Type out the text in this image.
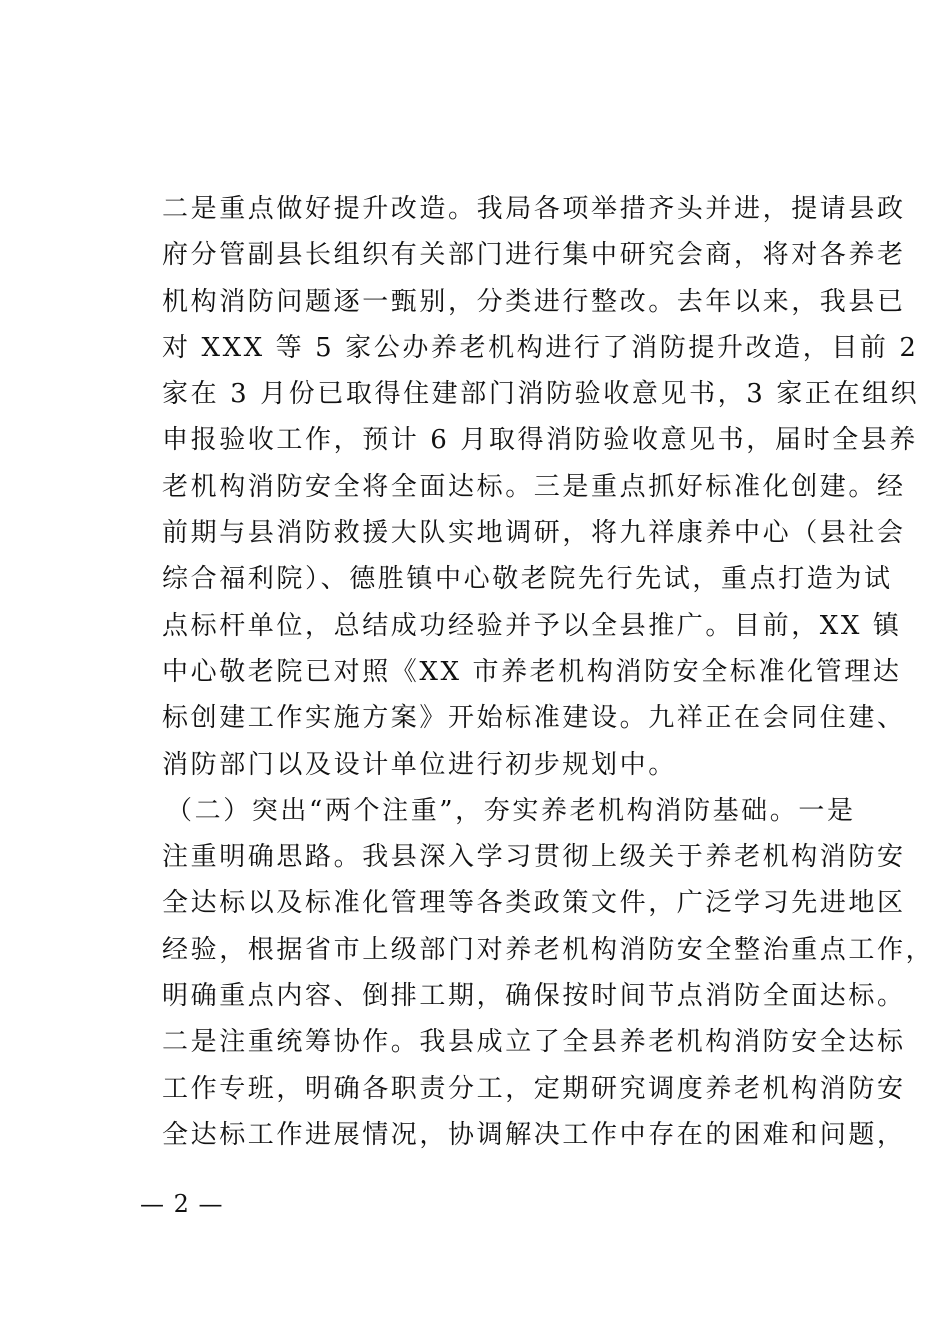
二是重点做好提升改造。我局各项举措齐头并进，提请县政
府分管副县长组织有关部门进行集中研究会商，将对各养老
机构消防问题逐一甄别，分类进行整改。去年以来，我县已
对 XXX 等 5 家公办养老机构进行了消防提升改造，目前 2
家在 3 月份已取得住建部门消防验收意见书，3 家正在组织
申报验收工作，预计 6 月取得消防验收意见书，届时全县养
老机构消防安全将全面达标。三是重点抓好标准化创建。经
前期与县消防救援大队实地调研，将九祥康养中心（县社会
综合福利院）、德胜镇中心敬老院先行先试，重点打造为试
点标杆单位，总结成功经验并予以全县推广。目前，XX 镇
中心敬老院已对照《XX 市养老机构消防安全标准化管理达
标创建工作实施方案》开始标准建设。九祥正在会同住建、
消防部门以及设计单位进行初步规划中。
（二）突出“两个注重”，夯实养老机构消防基础。一是
注重明确思路。我县深入学习贯彻上级关于养老机构消防安
全达标以及标准化管理等各类政策文件，广泛学习先进地区
经验，根据省市上级部门对养老机构消防安全整治重点工作，
明确重点内容、倒排工期，确保按时间节点消防全面达标。
二是注重统筹协作。我县成立了全县养老机构消防安全达标
工作专班，明确各职责分工，定期研究调度养老机构消防安
全达标工作进展情况，协调解决工作中存在的困难和问题，
— 2 —
